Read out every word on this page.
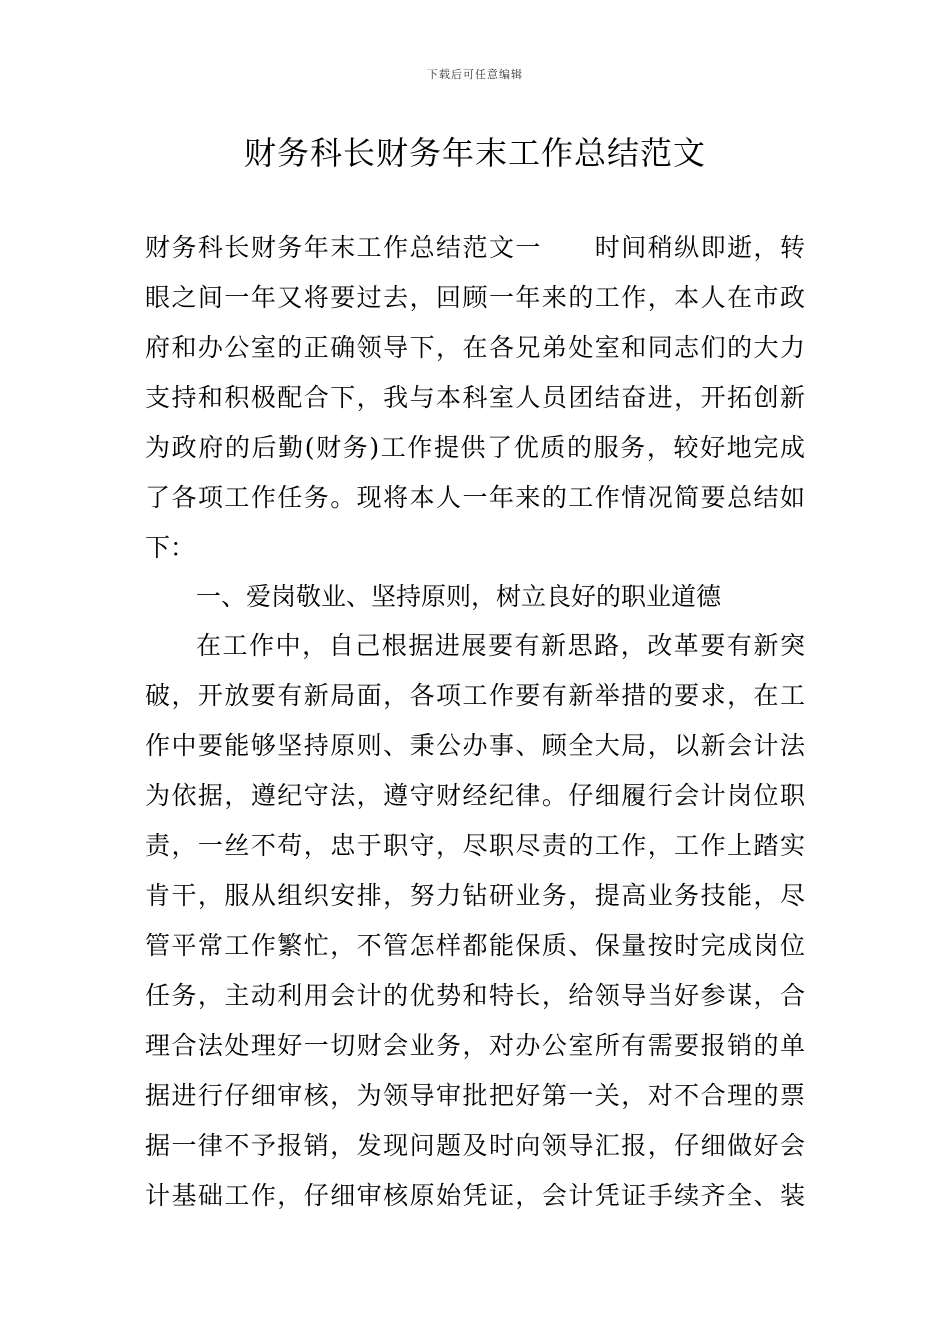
下载后可任意编辑
财务科长财务年末工作总结范文
财务科长财务年末工作总结范文一　　时间稍纵即逝，转
眼之间一年又将要过去，回顾一年来的工作，本人在市政
府和办公室的正确领导下，在各兄弟处室和同志们的大力
支持和积极配合下，我与本科室人员团结奋进，开拓创新
为政府的后勤(财务)工作提供了优质的服务，较好地完成
了各项工作任务。现将本人一年来的工作情况简要总结如
下：
一、爱岗敬业、坚持原则，树立良好的职业道德
在工作中，自己根据进展要有新思路，改革要有新突
破，开放要有新局面，各项工作要有新举措的要求，在工
作中要能够坚持原则、秉公办事、顾全大局，以新会计法
为依据，遵纪守法，遵守财经纪律。仔细履行会计岗位职
责，一丝不苟，忠于职守，尽职尽责的工作，工作上踏实
肯干，服从组织安排，努力钻研业务，提高业务技能，尽
管平常工作繁忙，不管怎样都能保质、保量按时完成岗位
任务，主动利用会计的优势和特长，给领导当好参谋，合
理合法处理好一切财会业务，对办公室所有需要报销的单
据进行仔细审核，为领导审批把好第一关，对不合理的票
据一律不予报销，发现问题及时向领导汇报，仔细做好会
计基础工作，仔细审核原始凭证，会计凭证手续齐全、装
